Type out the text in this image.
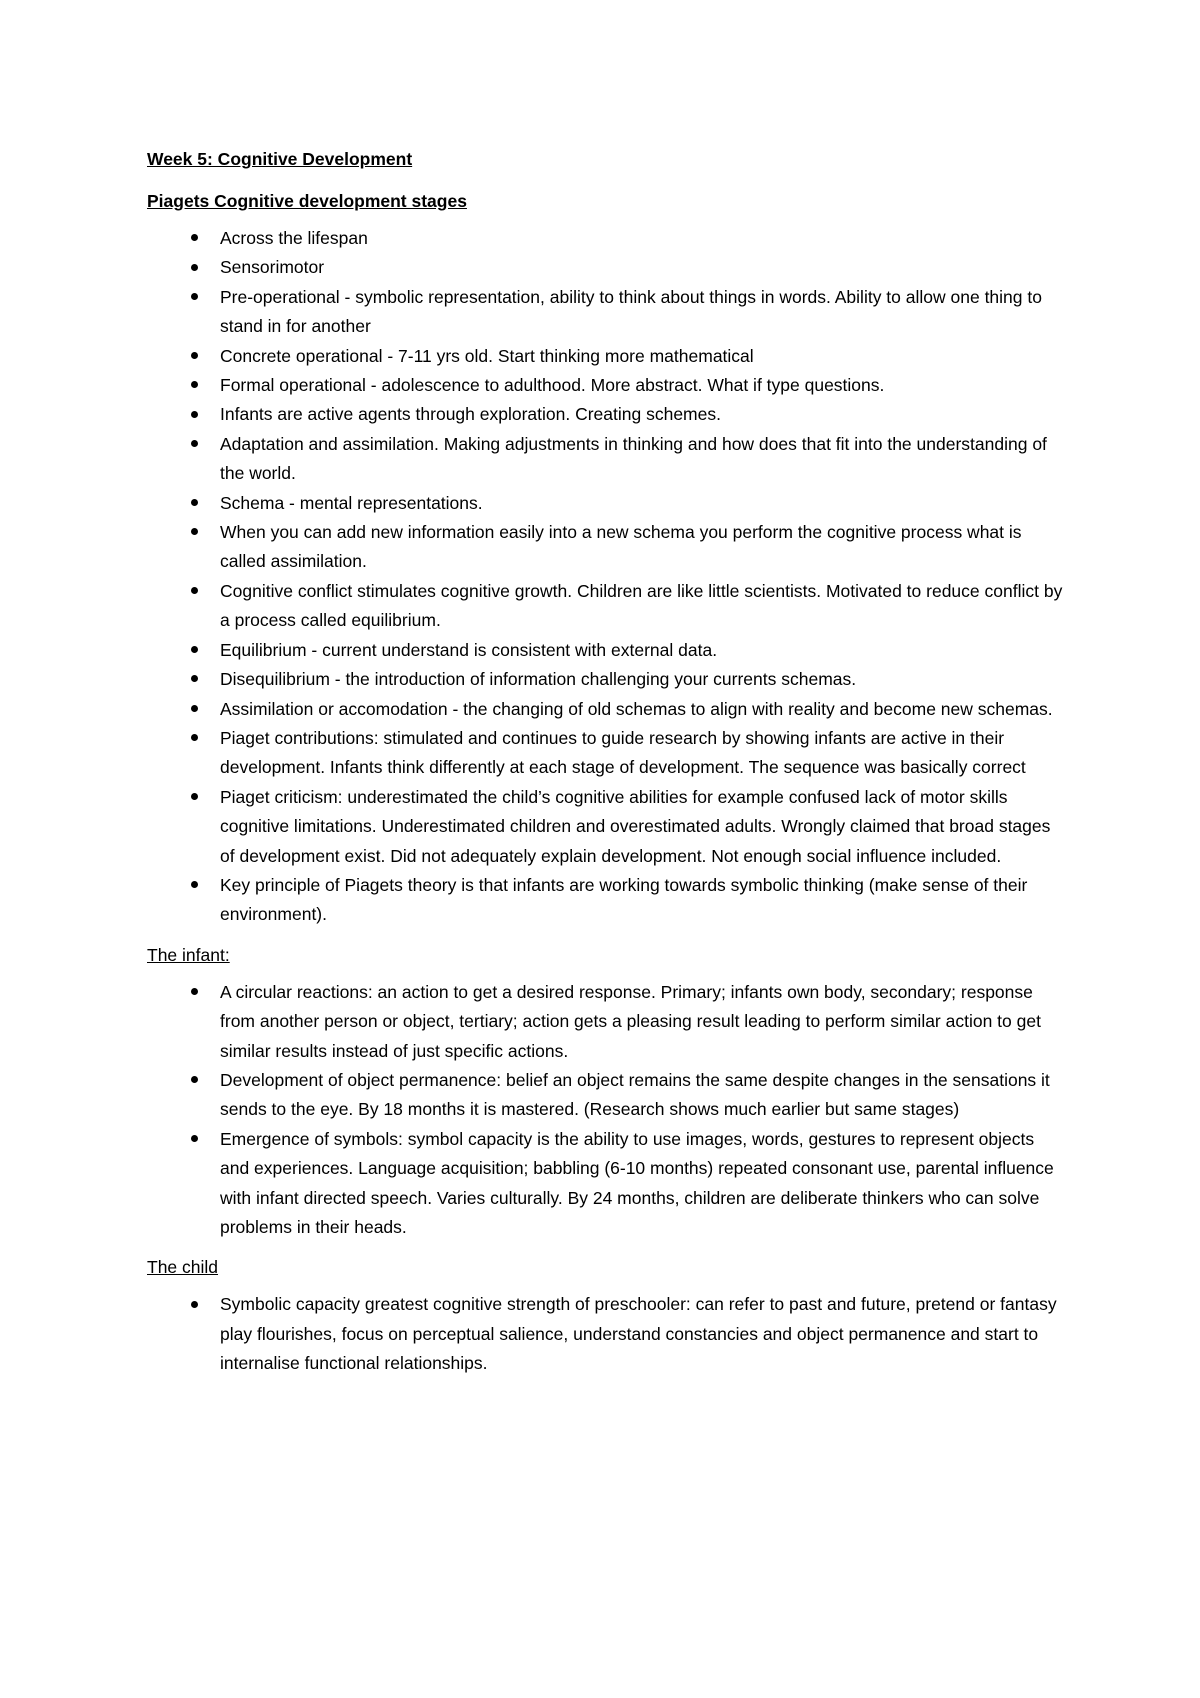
Week 5: Cognitive Development
Piagets Cognitive development stages
Across the lifespan
Sensorimotor
Pre-operational - symbolic representation, ability to think about things in words. Ability to allow one thing to stand in for another
Concrete operational - 7-11 yrs old. Start thinking more mathematical
Formal operational - adolescence to adulthood. More abstract. What if type questions.
Infants are active agents through exploration. Creating schemes.
Adaptation and assimilation. Making adjustments in thinking and how does that fit into the understanding of the world.
Schema - mental representations.
When you can add new information easily into a new schema you perform the cognitive process what is called assimilation.
Cognitive conflict stimulates cognitive growth. Children are like little scientists. Motivated to reduce conflict by a process called equilibrium.
Equilibrium - current understand is consistent with external data.
Disequilibrium - the introduction of information challenging your currents schemas.
Assimilation or accomodation - the changing of old schemas to align with reality and become new schemas.
Piaget contributions: stimulated and continues to guide research by showing infants are active in their development. Infants think differently at each stage of development. The sequence was basically correct
Piaget criticism: underestimated the child’s cognitive abilities for example confused lack of motor skills cognitive limitations. Underestimated children and overestimated adults. Wrongly claimed that broad stages of development exist. Did not adequately explain development. Not enough social influence included.
Key principle of Piagets theory is that infants are working towards symbolic thinking (make sense of their environment).
The infant:
A circular reactions: an action to get a desired response. Primary; infants own body, secondary; response from another person or object, tertiary; action gets a pleasing result leading to perform similar action to get similar results instead of just specific actions.
Development of object permanence: belief an object remains the same despite changes in the sensations it sends to the eye. By 18 months it is mastered. (Research shows much earlier but same stages)
Emergence of symbols: symbol capacity is the ability to use images, words, gestures to represent objects and experiences. Language acquisition; babbling (6-10 months) repeated consonant use, parental influence with infant directed speech. Varies culturally. By 24 months, children are deliberate thinkers who can solve problems in their heads.
The child
Symbolic capacity greatest cognitive strength of preschooler: can refer to past and future, pretend or fantasy play flourishes, focus on perceptual salience, understand constancies and object permanence and start to internalise functional relationships.
